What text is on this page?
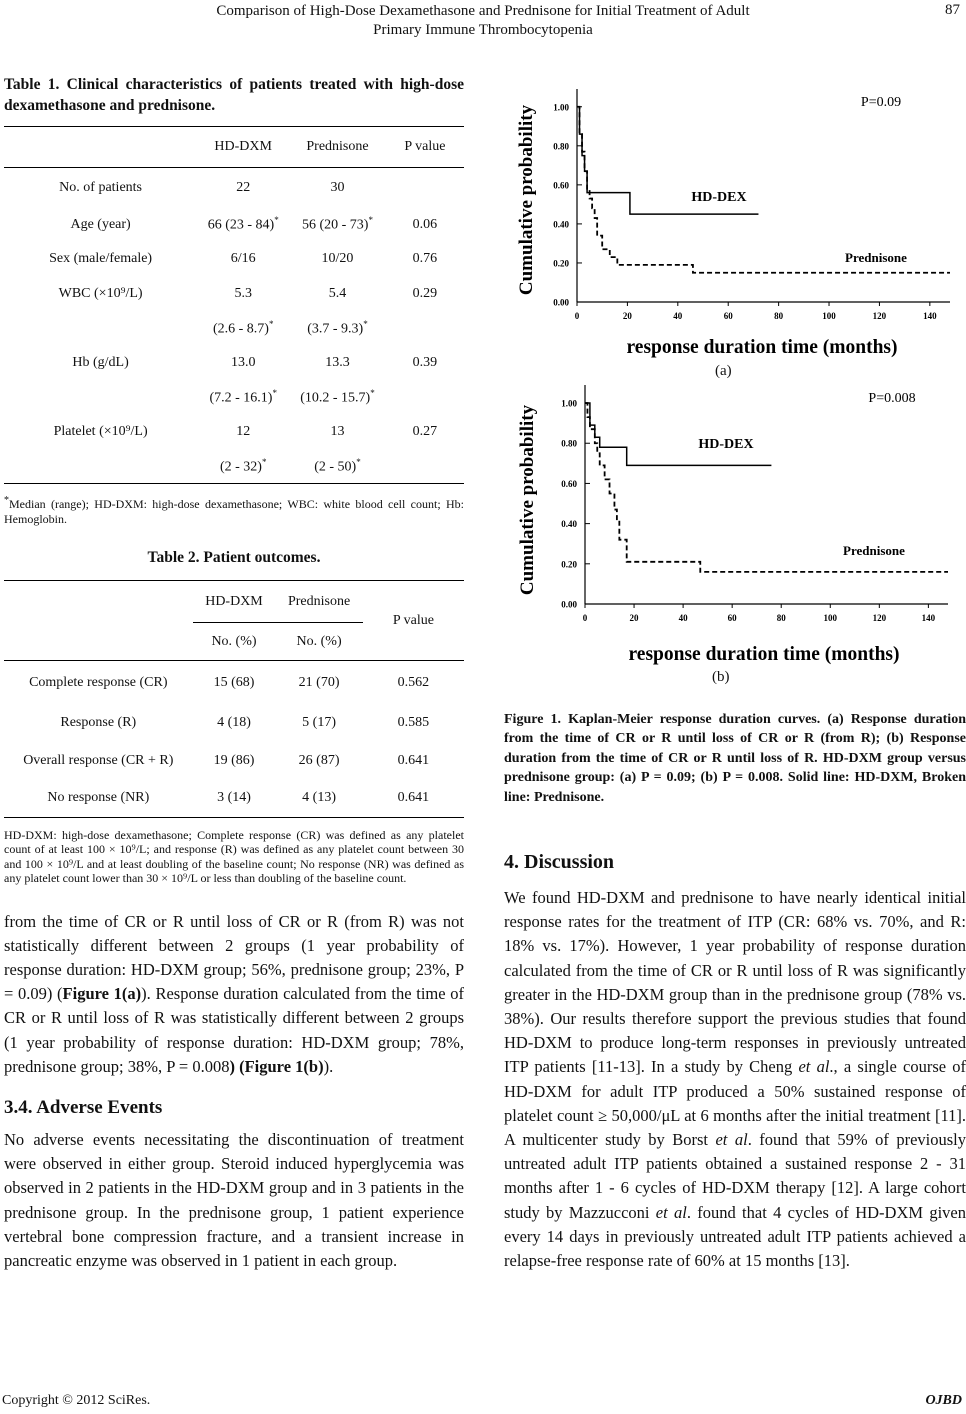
Comparison of High-Dose Dexamethasone and Prednisone for Initial Treatment of Adult
Primary Immune Thrombocytopenia
87
Table 1. Clinical characteristics of patients treated with high-dose dexamethasone and prednisone.
	HD-DXM	Prednisone	P value
No. of patients	22	30	
Age (year)	66 (23 - 84)*	56 (20 - 73)*	0.06
Sex (male/female)	6/16	10/20	0.76
WBC (×10⁹/L)	5.3	5.4	0.29
	(2.6 - 8.7)*	(3.7 - 9.3)*	
Hb (g/dL)	13.0	13.3	0.39
	(7.2 - 16.1)*	(10.2 - 15.7)*	
Platelet (×10⁹/L)	12	13	0.27
	(2 - 32)*	(2 - 50)*	
*Median (range); HD-DXM: high-dose dexamethasone; WBC: white blood cell count; Hb: Hemoglobin.
Table 2. Patient outcomes.
	HD-DXM	Prednisone	P value
	No. (%)	No. (%)	
Complete response (CR)	15 (68)	21 (70)	0.562
Response (R)	4 (18)	5 (17)	0.585
Overall response (CR + R)	19 (86)	26 (87)	0.641
No response (NR)	3 (14)	4 (13)	0.641
HD-DXM: high-dose dexamethasone; Complete response (CR) was defined as any platelet count of at least 100 × 10⁹/L; and response (R) was defined as any platelet count between 30 and 100 × 10⁹/L and at least doubling of the baseline count; No response (NR) was defined as any platelet count lower than 30 × 10⁹/L or less than doubling of the baseline count.
from the time of CR or R until loss of CR or R (from R) was not statistically different between 2 groups (1 year probability of response duration: HD-DXM group; 56%, prednisone group; 23%, P = 0.09) (Figure 1(a)). Response duration calculated from the time of CR or R until loss of R was statistically different between 2 groups (1 year probability of response duration: HD-DXM group; 78%, prednisone group; 38%, P = 0.008) (Figure 1(b)).
3.4. Adverse Events
No adverse events necessitating the discontinuation of treatment were observed in either group. Steroid induced hyperglycemia was observed in 2 patients in the HD-DXM group and in 3 patients in the prednisone group. In the prednisone group, 1 patient experience vertebral bone compression fracture, and a transient increase in pancreatic enzyme was observed in 1 patient in each group.
0.00
0.20
0.40
0.60
0.80
1.00
0	20	40	60	80	100	120	140
HD-DEX
Prednisone
P=0.09
Cumulative probability
response duration time (months)
(a)
0.00
0.20
0.40
0.60
0.80
1.00
0	20	40	60	80	100	120	140
HD-DEX
Prednisone
P=0.008
Cumulative probability
response duration time (months)
(b)
Figure 1. Kaplan-Meier response duration curves. (a) Response duration from the time of CR or R until loss of CR or R (from R); (b) Response duration from the time of CR or R until loss of R. HD-DXM group versus prednisone group: (a) P = 0.09; (b) P = 0.008. Solid line: HD-DXM, Broken line: Prednisone.
4. Discussion
We found HD-DXM and prednisone to have nearly identical initial response rates for the treatment of ITP (CR: 68% vs. 70%, and R: 18% vs. 17%). However, 1 year probability of response duration calculated from the time of CR or R until loss of R was significantly greater in the HD-DXM group than in the prednisone group (78% vs. 38%). Our results therefore support the previous studies that found HD-DXM to produce long-term responses in previously untreated ITP patients [11-13]. In a study by Cheng et al., a single course of HD-DXM for adult ITP produced a 50% sustained response of platelet count ≥ 50,000/μL at 6 months after the initial treatment [11]. A multicenter study by Borst et al. found that 59% of previously untreated adult ITP patients obtained a sustained response 2 - 31 months after 1 - 6 cycles of HD-DXM therapy [12]. A large cohort study by Mazzucconi et al. found that 4 cycles of HD-DXM given every 14 days in previously untreated adult ITP patients achieved a relapse-free response rate of 60% at 15 months [13].
Copyright © 2012 SciRes.	OJBD
